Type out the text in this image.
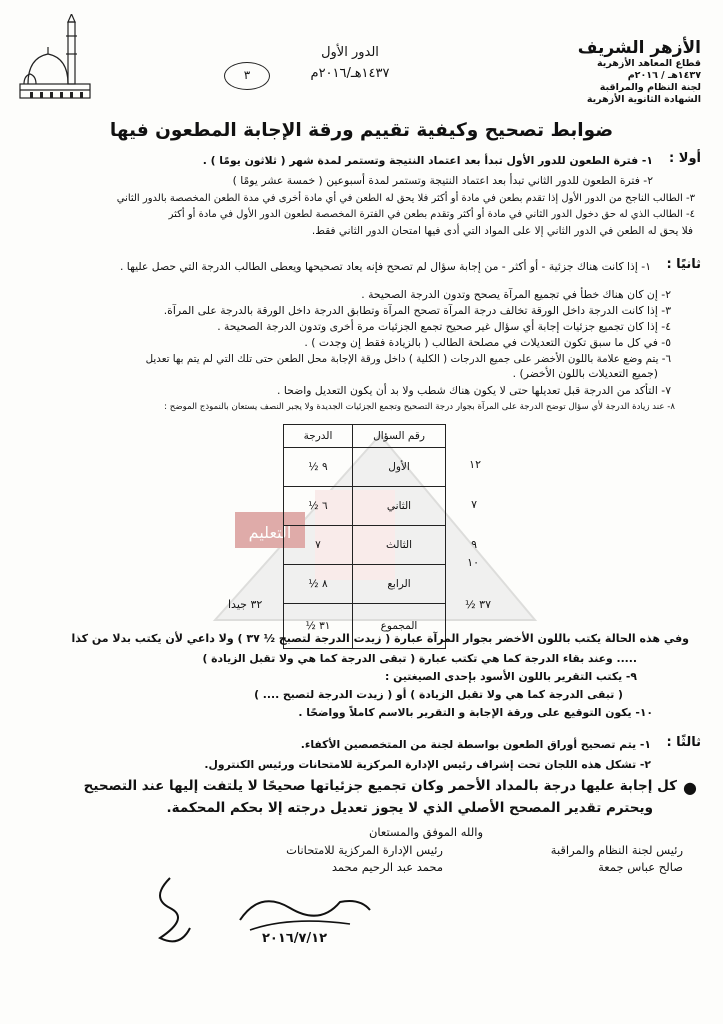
الأزهر الشريف
قطاع المعاهد الأزهرية
١٤٣٧هـ / ٢٠١٦م
لجنة النظام والمراقبة
الشهادة الثانوية الأزهرية
الدور الأول
١٤٣٧هـ/٢٠١٦م
٣
ضوابط تصحيح وكيفية تقييم ورقة الإجابة المطعون فيها
أولا :
١- فترة الطعون للدور الأول تبدأ بعد اعتماد النتيجة وتستمر لمدة شهر ( ثلاثون يومًا ) .
٢- فترة الطعون للدور الثاني تبدأ بعد اعتماد النتيجة وتستمر لمدة أسبوعين ( خمسة عشر يومًا )
٣- الطالب الناجح من الدور الأول إذا تقدم بطعن في مادة أو أكثر فلا يحق له الطعن في أي مادة أخرى في مدة الطعن المخصصة بالدور الثاني
٤- الطالب الذي له حق دخول الدور الثاني في مادة أو أكثر وتقدم بطعن في الفترة المخصصة لطعون الدور الأول في مادة أو أكثر
فلا يحق له الطعن في الدور الثاني إلا على المواد التي أدى فيها امتحان الدور الثاني فقط.
ثانيًا :
١- إذا كانت هناك جزئية - أو أكثر - من إجابة سؤال لم تصحح فإنه يعاد تصحيحها ويعطى الطالب الدرجة التي حصل عليها .
٢- إن كان هناك خطأ في تجميع المرآة يصحح وتدون الدرجة الصحيحة .
٣- إذا كانت الدرجة داخل الورقة تخالف درجة المرآة تصحح المرآة وتطابق الدرجة داخل الورقة بالدرجة على المرآة.
٤- إذا كان تجميع جزئيات إجابة أي سؤال غير صحيح تجمع الجزئيات مرة أخرى وتدون الدرجة الصحيحة .
٥- في كل ما سبق تكون التعديلات في مصلحة الطالب ( بالزيادة فقط إن وجدت ) .
٦- يتم وضع علامة باللون الأخضر على جميع الدرجات ( الكلية ) داخل ورقة الإجابة محل الطعن حتى تلك التي لم يتم بها تعديل
(جميع التعديلات باللون الأخضر) .
٧- التأكد من الدرجة قبل تعديلها حتى لا يكون هناك شطب ولا بد أن يكون التعديل واضحا .
٨- عند زيادة الدرجة لأي سؤال توضح الدرجة على المرآة بجوار درجة التصحيح وتجمع الجزئيات الجديدة ولا يجبر النصف يستعان بالنموذج الموضح :
التعليم
رقم السؤال	الدرجة
الأول	٩ ½
الثاني	٦ ½
الثالث	٧
الرابع	٨ ½
المجموع	٣١ ½
١٢
٧
٩
١٠
٣٧ ½
٣٢ جيدا
وفي هذه الحالة يكتب باللون الأخضر بجوار المرآة عبارة ( زيدت الدرجة لتصبح ½ ٣٧ ) ولا داعي لأن يكتب بدلا من كذا
..... وعند بقاء الدرجة كما هي تكتب عبارة ( تبقى الدرجة كما هي ولا تقبل الزيادة )
٩- يكتب التقرير باللون الأسود بإحدى الصيغتين :
( تبقى الدرجة كما هي ولا تقبل الزيادة ) أو ( زيدت الدرجة لتصبح .... )
١٠- يكون التوقيع على ورقة الإجابة و التقرير بالاسم كاملاً وواضحًا .
ثالثًا :
١- يتم تصحيح أوراق الطعون بواسطة لجنة من المتخصصين الأكفاء.
٢- تشكل هذه اللجان تحت إشراف رئيس الإدارة المركزية للامتحانات ورئيس الكنترول.
●
كل إجابة عليها درجة بالمداد الأحمر وكان تجميع جزئياتها صحيحًا لا يلتفت إليها عند التصحيح
ويحترم تقدير المصحح الأصلي الذي لا يجوز تعديل درجته إلا بحكم المحكمة.
والله الموفق والمستعان
رئيس لجنة النظام والمراقبة
صالح عباس جمعة
رئيس الإدارة المركزية للامتحانات
محمد عبد الرحيم محمد
٢٠١٦/٧/١٢
